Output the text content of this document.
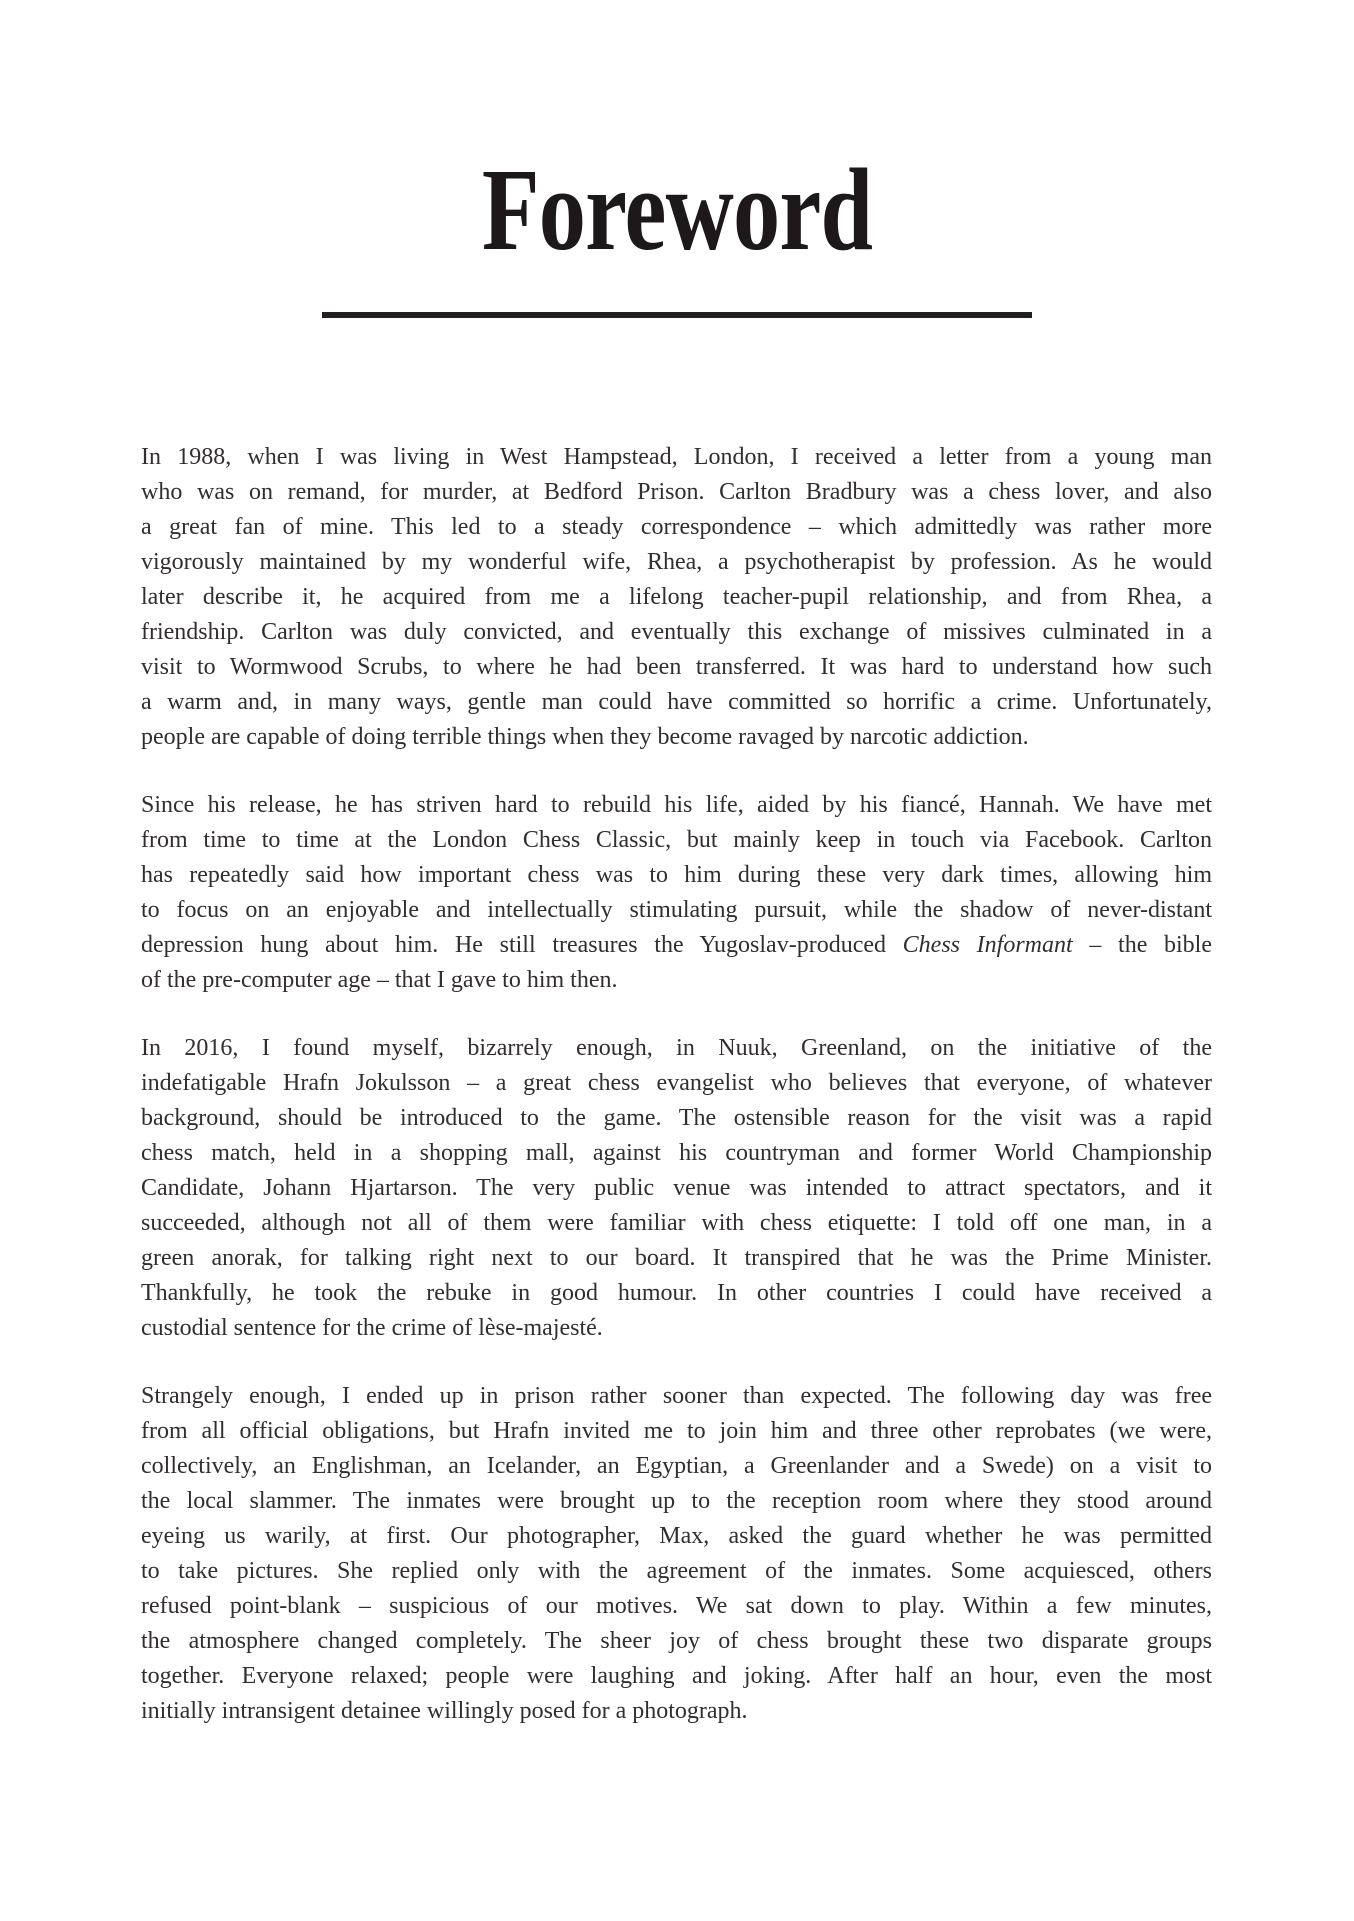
Foreword

In 1988, when I was living in West Hampstead, London, I received a letter from a young man
who was on remand, for murder, at Bedford Prison. Carlton Bradbury was a chess lover, and also
a great fan of mine. This led to a steady correspondence – which admittedly was rather more
vigorously maintained by my wonderful wife, Rhea, a psychotherapist by profession. As he would
later describe it, he acquired from me a lifelong teacher-pupil relationship, and from Rhea, a
friendship. Carlton was duly convicted, and eventually this exchange of missives culminated in a
visit to Wormwood Scrubs, to where he had been transferred. It was hard to understand how such
a warm and, in many ways, gentle man could have committed so horrific a crime. Unfortunately,
people are capable of doing terrible things when they become ravaged by narcotic addiction.

Since his release, he has striven hard to rebuild his life, aided by his fiancé, Hannah. We have met
from time to time at the London Chess Classic, but mainly keep in touch via Facebook. Carlton
has repeatedly said how important chess was to him during these very dark times, allowing him
to focus on an enjoyable and intellectually stimulating pursuit, while the shadow of never-distant
depression hung about him. He still treasures the Yugoslav-produced Chess Informant – the bible
of the pre-computer age – that I gave to him then.

In 2016, I found myself, bizarrely enough, in Nuuk, Greenland, on the initiative of the
indefatigable Hrafn Jokulsson – a great chess evangelist who believes that everyone, of whatever
background, should be introduced to the game. The ostensible reason for the visit was a rapid
chess match, held in a shopping mall, against his countryman and former World Championship
Candidate, Johann Hjartarson. The very public venue was intended to attract spectators, and it
succeeded, although not all of them were familiar with chess etiquette: I told off one man, in a
green anorak, for talking right next to our board. It transpired that he was the Prime Minister.
Thankfully, he took the rebuke in good humour. In other countries I could have received a
custodial sentence for the crime of lèse-majesté.

Strangely enough, I ended up in prison rather sooner than expected. The following day was free
from all official obligations, but Hrafn invited me to join him and three other reprobates (we were,
collectively, an Englishman, an Icelander, an Egyptian, a Greenlander and a Swede) on a visit to
the local slammer. The inmates were brought up to the reception room where they stood around
eyeing us warily, at first. Our photographer, Max, asked the guard whether he was permitted
to take pictures. She replied only with the agreement of the inmates. Some acquiesced, others
refused point-blank – suspicious of our motives. We sat down to play. Within a few minutes,
the atmosphere changed completely. The sheer joy of chess brought these two disparate groups
together. Everyone relaxed; people were laughing and joking. After half an hour, even the most
initially intransigent detainee willingly posed for a photograph.
